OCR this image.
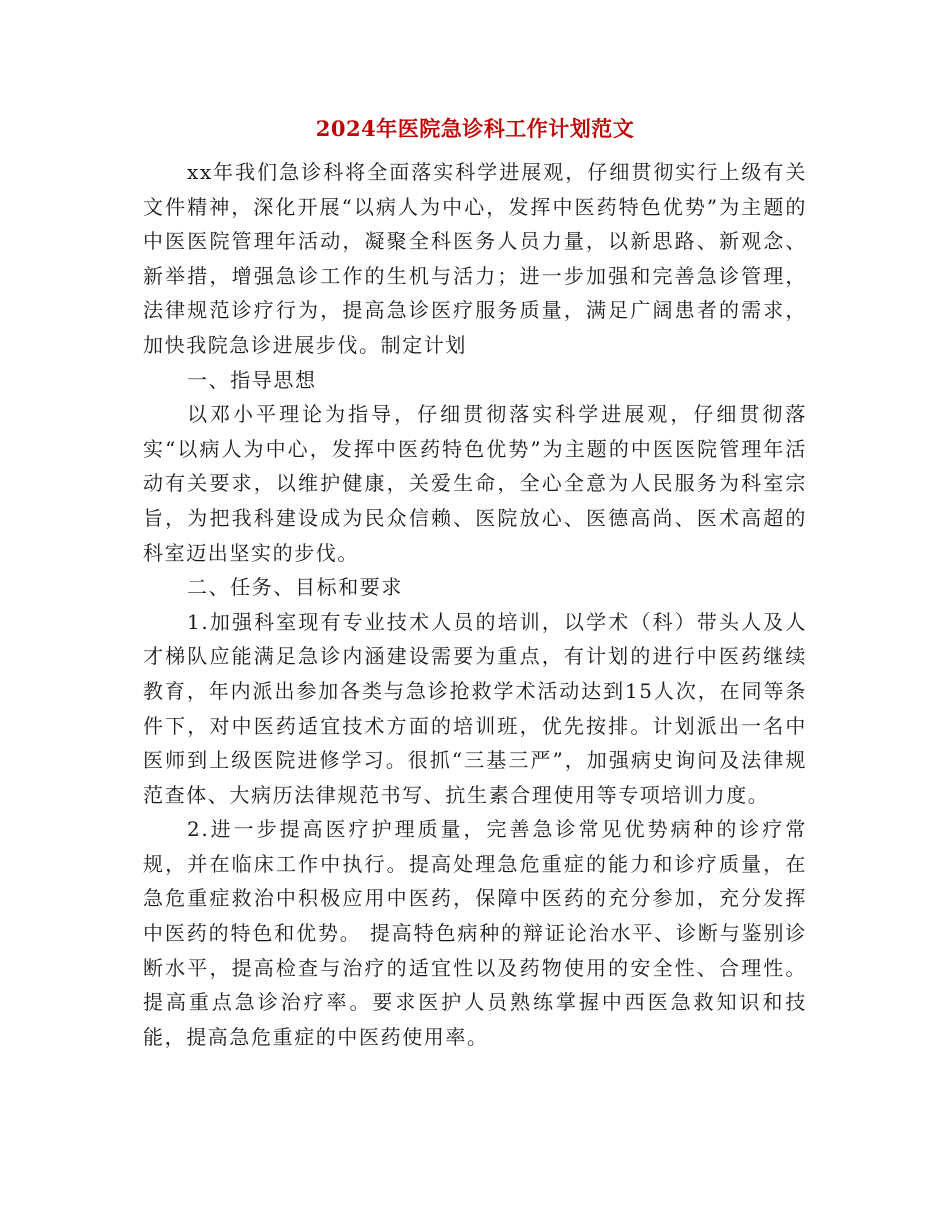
2024年医院急诊科工作计划范文

xx年我们急诊科将全面落实科学进展观，仔细贯彻实行上级有关文件精神，深化开展“以病人为中心，发挥中医药特色优势”为主题的中医医院管理年活动，凝聚全科医务人员力量，以新思路、新观念、新举措，增强急诊工作的生机与活力；进一步加强和完善急诊管理，法律规范诊疗行为，提高急诊医疗服务质量，满足广阔患者的需求，加快我院急诊进展步伐。制定计划

一、指导思想

以邓小平理论为指导，仔细贯彻落实科学进展观，仔细贯彻落实“以病人为中心，发挥中医药特色优势”为主题的中医医院管理年活动有关要求，以维护健康，关爱生命，全心全意为人民服务为科室宗旨，为把我科建设成为民众信赖、医院放心、医德高尚、医术高超的科室迈出坚实的步伐。

二、任务、目标和要求

1.加强科室现有专业技术人员的培训，以学术（科）带头人及人才梯队应能满足急诊内涵建设需要为重点，有计划的进行中医药继续教育，年内派出参加各类与急诊抢救学术活动达到15人次，在同等条件下，对中医药适宜技术方面的培训班，优先按排。计划派出一名中医师到上级医院进修学习。很抓“三基三严”，加强病史询问及法律规范查体、大病历法律规范书写、抗生素合理使用等专项培训力度。

2.进一步提高医疗护理质量，完善急诊常见优势病种的诊疗常规，并在临床工作中执行。提高处理急危重症的能力和诊疗质量，在急危重症救治中积极应用中医药，保障中医药的充分参加，充分发挥中医药的特色和优势。 提高特色病种的辩证论治水平、诊断与鉴别诊断水平，提高检查与治疗的适宜性以及药物使用的安全性、合理性。提高重点急诊治疗率。要求医护人员熟练掌握中西医急救知识和技能，提高急危重症的中医药使用率。
